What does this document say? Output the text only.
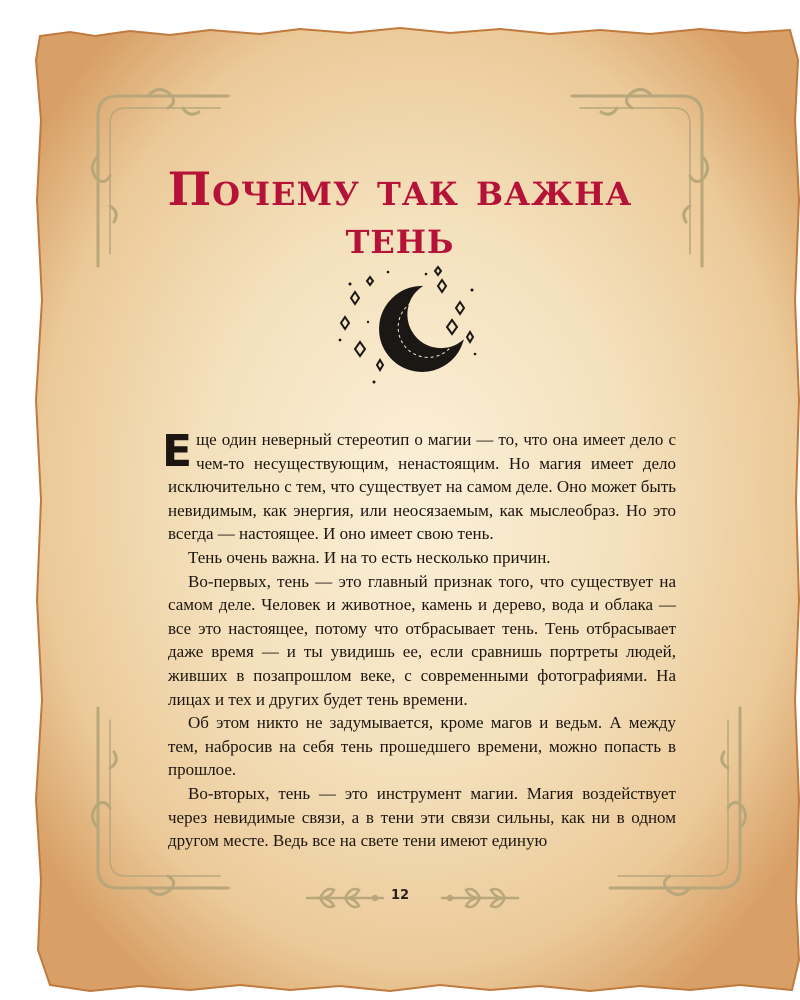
Почему так важна
тень

Еще один неверный стереотип о магии — то, что она имеет дело с чем-то несуществующим, ненастоящим. Но магия имеет дело исключительно с тем, что существует на самом деле. Оно может быть невидимым, как энергия, или неосязаемым, как мыслеобраз. Но это всегда — настоящее. И оно имеет свою тень.

Тень очень важна. И на то есть несколько причин.

Во-первых, тень — это главный признак того, что существует на самом деле. Человек и животное, камень и дерево, вода и облака — все это настоящее, потому что отбрасывает тень. Тень отбрасывает даже время — и ты увидишь ее, если сравнишь портреты людей, живших в позапрошлом веке, с современными фотографиями. На лицах и тех и других будет тень времени.

Об этом никто не задумывается, кроме магов и ведьм. А между тем, набросив на себя тень прошедшего времени, можно попасть в прошлое.

Во-вторых, тень — это инструмент магии. Магия воздействует через невидимые связи, а в тени эти связи сильны, как ни в одном другом месте. Ведь все на свете тени имеют единую

12
